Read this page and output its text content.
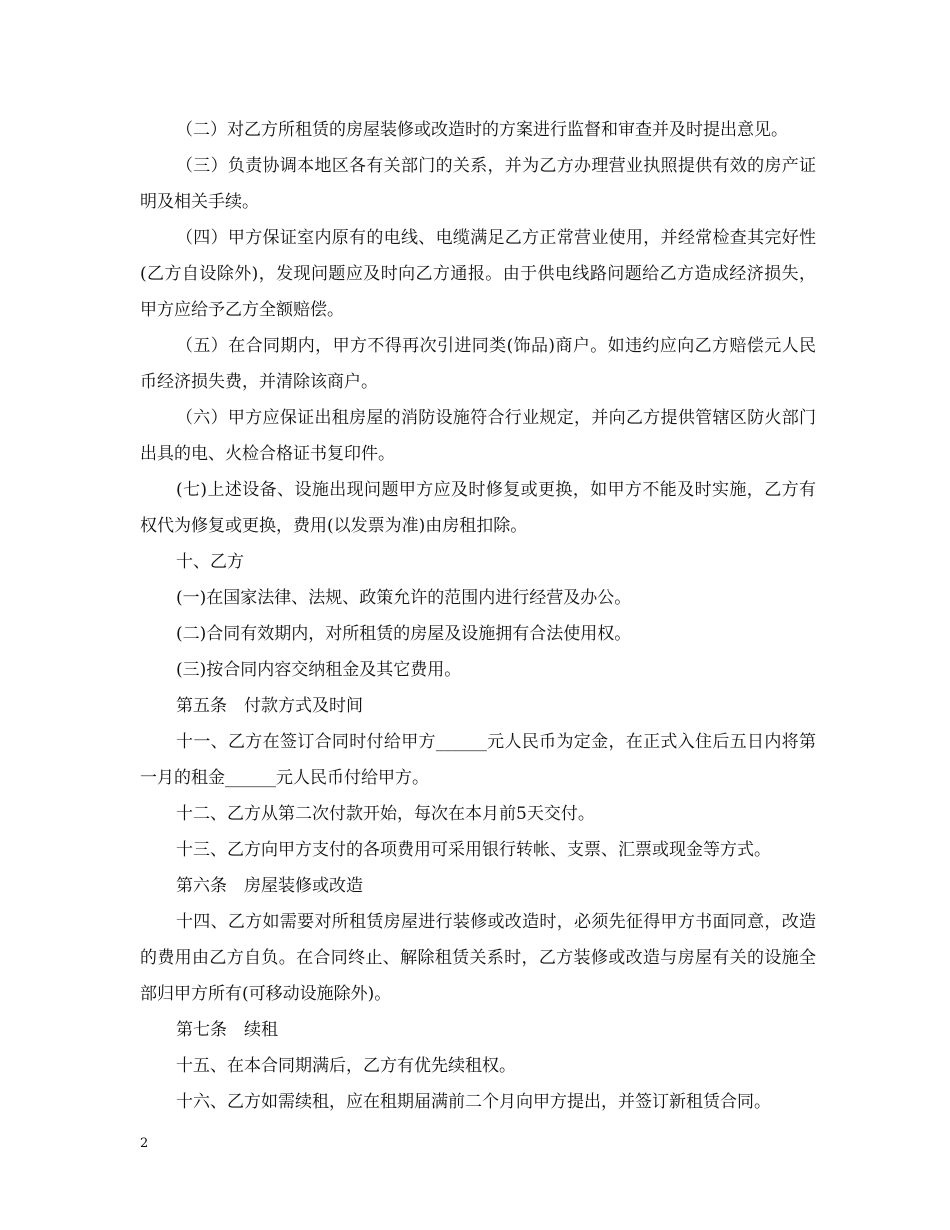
（二）对乙方所租赁的房屋装修或改造时的方案进行监督和审查并及时提出意见。

（三）负责协调本地区各有关部门的关系，并为乙方办理营业执照提供有效的房产证明及相关手续。

（四）甲方保证室内原有的电线、电缆满足乙方正常营业使用，并经常检查其完好性(乙方自设除外)，发现问题应及时向乙方通报。由于供电线路问题给乙方造成经济损失，甲方应给予乙方全额赔偿。

（五）在合同期内，甲方不得再次引进同类(饰品)商户。如违约应向乙方赔偿元人民币经济损失费，并清除该商户。

（六）甲方应保证出租房屋的消防设施符合行业规定，并向乙方提供管辖区防火部门出具的电、火检合格证书复印件。

(七)上述设备、设施出现问题甲方应及时修复或更换，如甲方不能及时实施，乙方有权代为修复或更换，费用(以发票为准)由房租扣除。

十、乙方

(一)在国家法律、法规、政策允许的范围内进行经营及办公。

(二)合同有效期内，对所租赁的房屋及设施拥有合法使用权。

(三)按合同内容交纳租金及其它费用。

第五条　付款方式及时间

十一、乙方在签订合同时付给甲方______元人民币为定金，在正式入住后五日内将第一月的租金______元人民币付给甲方。

十二、乙方从第二次付款开始，每次在本月前5天交付。

十三、乙方向甲方支付的各项费用可采用银行转帐、支票、汇票或现金等方式。

第六条　房屋装修或改造

十四、乙方如需要对所租赁房屋进行装修或改造时，必须先征得甲方书面同意，改造的费用由乙方自负。在合同终止、解除租赁关系时，乙方装修或改造与房屋有关的设施全部归甲方所有(可移动设施除外)。

第七条　续租

十五、在本合同期满后，乙方有优先续租权。

十六、乙方如需续租，应在租期届满前二个月向甲方提出，并签订新租赁合同。

2
